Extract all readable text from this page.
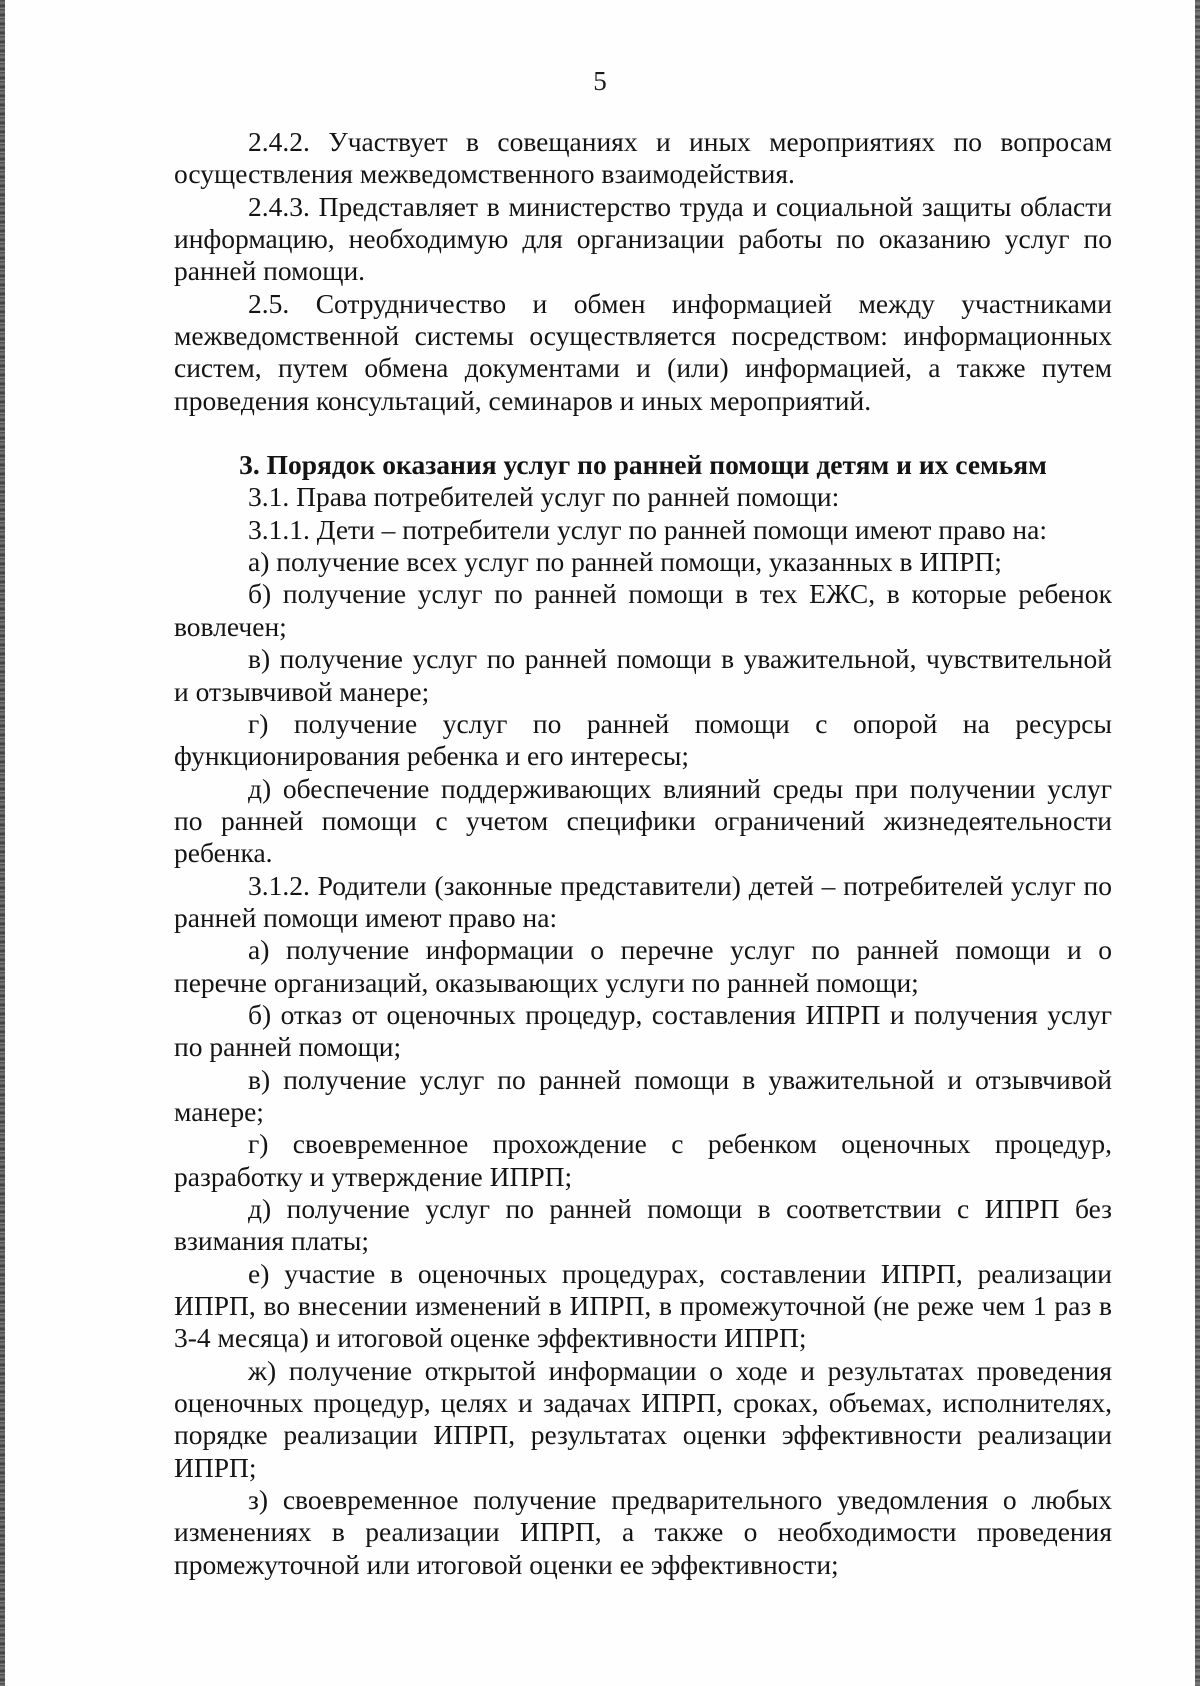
5

2.4.2. Участвует в совещаниях и иных мероприятиях по вопросам осуществления межведомственного взаимодействия.

2.4.3. Представляет в министерство труда и социальной защиты области информацию, необходимую для организации работы по оказанию услуг по ранней помощи.

2.5. Сотрудничество и обмен информацией между участниками межведомственной системы осуществляется посредством: информационных систем, путем обмена документами и (или) информацией, а также путем проведения консультаций, семинаров и иных мероприятий.

3. Порядок оказания услуг по ранней помощи детям и их семьям

3.1. Права потребителей услуг по ранней помощи:

3.1.1. Дети – потребители услуг по ранней помощи имеют право на:

а) получение всех услуг по ранней помощи, указанных в ИПРП;

б) получение услуг по ранней помощи в тех ЕЖС, в которые ребенок вовлечен;

в) получение услуг по ранней помощи в уважительной, чувствительной и отзывчивой манере;

г) получение услуг по ранней помощи с опорой на ресурсы функционирования ребенка и его интересы;

д) обеспечение поддерживающих влияний среды при получении услуг по ранней помощи с учетом специфики ограничений жизнедеятельности ребенка.

3.1.2. Родители (законные представители) детей – потребителей услуг по ранней помощи имеют право на:

а) получение информации о перечне услуг по ранней помощи и о перечне организаций, оказывающих услуги по ранней помощи;

б) отказ от оценочных процедур, составления ИПРП и получения услуг по ранней помощи;

в) получение услуг по ранней помощи в уважительной и отзывчивой манере;

г) своевременное прохождение с ребенком оценочных процедур, разработку и утверждение ИПРП;

д) получение услуг по ранней помощи в соответствии с ИПРП без взимания платы;

е) участие в оценочных процедурах, составлении ИПРП, реализации ИПРП, во внесении изменений в ИПРП, в промежуточной (не реже чем 1 раз в 3-4 месяца) и итоговой оценке эффективности ИПРП;

ж) получение открытой информации о ходе и результатах проведения оценочных процедур, целях и задачах ИПРП, сроках, объемах, исполнителях, порядке реализации ИПРП, результатах оценки эффективности реализации ИПРП;

з) своевременное получение предварительного уведомления о любых изменениях в реализации ИПРП, а также о необходимости проведения промежуточной или итоговой оценки ее эффективности;
